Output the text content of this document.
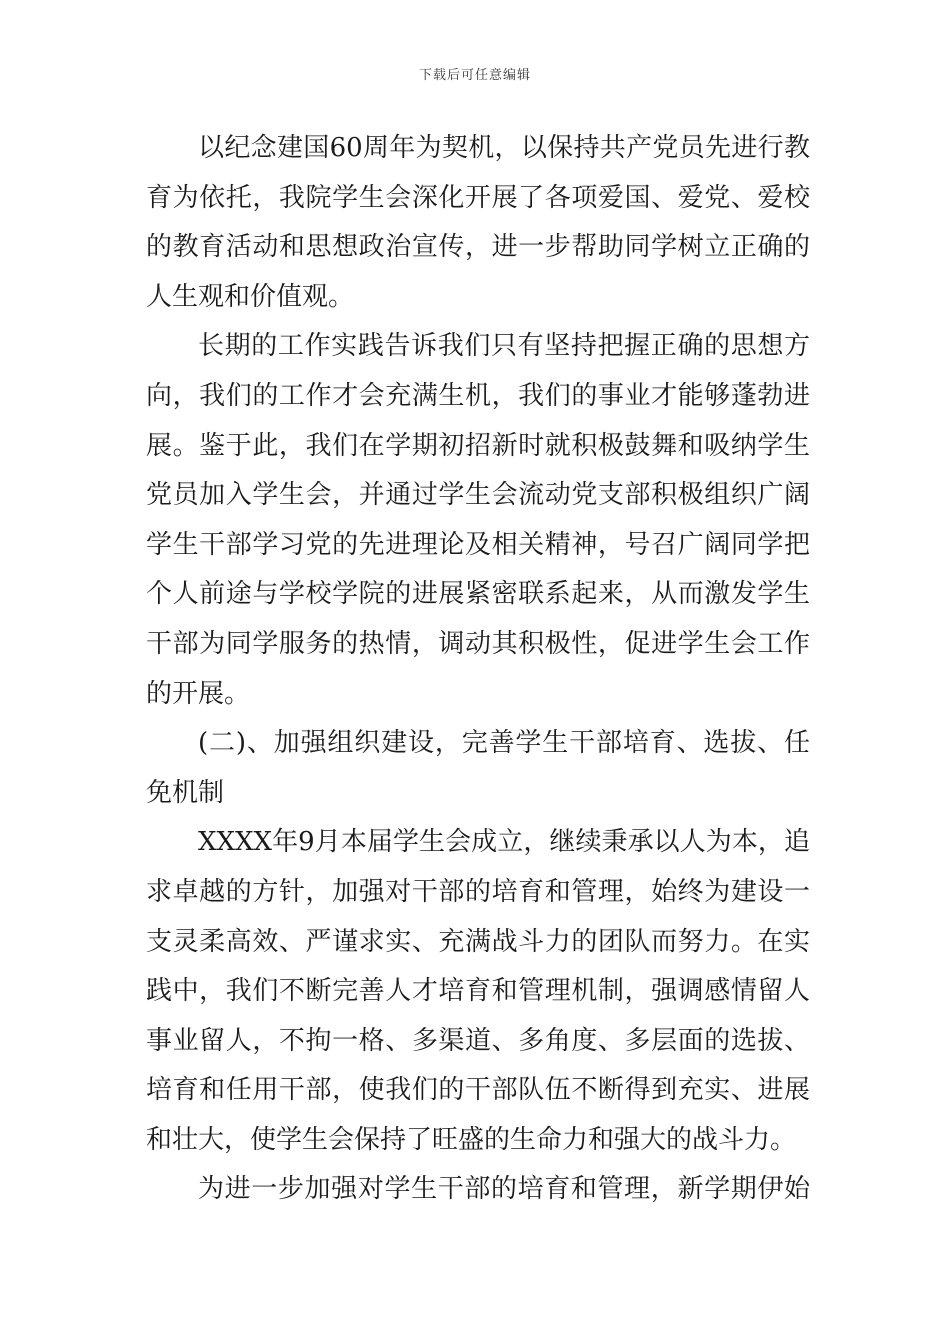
下载后可任意编辑
以纪念建国60周年为契机，以保持共产党员先进行教
育为依托，我院学生会深化开展了各项爱国、爱党、爱校
的教育活动和思想政治宣传，进一步帮助同学树立正确的
人生观和价值观。
长期的工作实践告诉我们只有坚持把握正确的思想方
向，我们的工作才会充满生机，我们的事业才能够蓬勃进
展。鉴于此，我们在学期初招新时就积极鼓舞和吸纳学生
党员加入学生会，并通过学生会流动党支部积极组织广阔
学生干部学习党的先进理论及相关精神，号召广阔同学把
个人前途与学校学院的进展紧密联系起来，从而激发学生
干部为同学服务的热情，调动其积极性，促进学生会工作
的开展。
(二)、加强组织建设，完善学生干部培育、选拔、任
免机制
XXXX年9月本届学生会成立，继续秉承以人为本，追
求卓越的方针，加强对干部的培育和管理，始终为建设一
支灵柔高效、严谨求实、充满战斗力的团队而努力。在实
践中，我们不断完善人才培育和管理机制，强调感情留人
事业留人，不拘一格、多渠道、多角度、多层面的选拔、
培育和任用干部，使我们的干部队伍不断得到充实、进展
和壮大，使学生会保持了旺盛的生命力和强大的战斗力。
为进一步加强对学生干部的培育和管理，新学期伊始
